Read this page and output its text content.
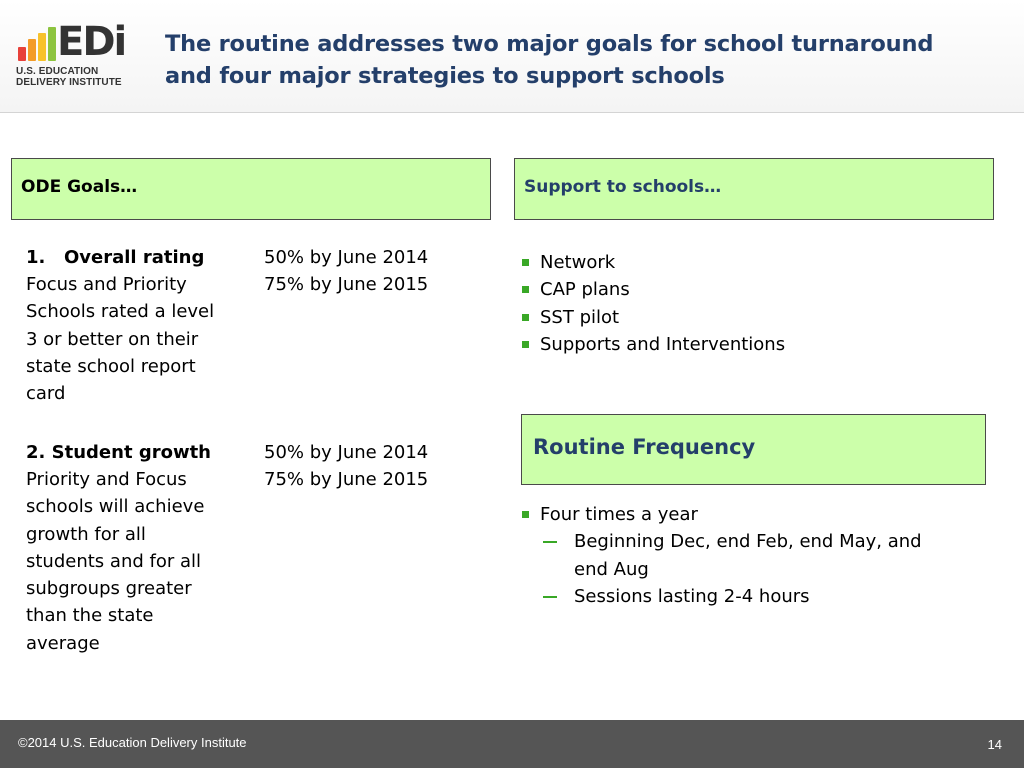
EDi
U.S. EDUCATION
DELIVERY INSTITUTE
The routine addresses two major goals for school turnaround
and four major strategies to support schools
ODE Goals…	Support to schools…
1. Overall rating
Focus and Priority
Schools rated a level
3 or better on their
state school report
card
50% by June 2014
75% by June 2015
2. Student growth
Priority and Focus
schools will achieve
growth for all
students and for all
subgroups greater
than the state
average
50% by June 2014
75% by June 2015
Network
CAP plans
SST pilot
Supports and Interventions
Routine Frequency
Four times a year
Beginning Dec, end Feb, end May, and
end Aug
Sessions lasting 2-4 hours
©2014 U.S. Education Delivery Institute	14
